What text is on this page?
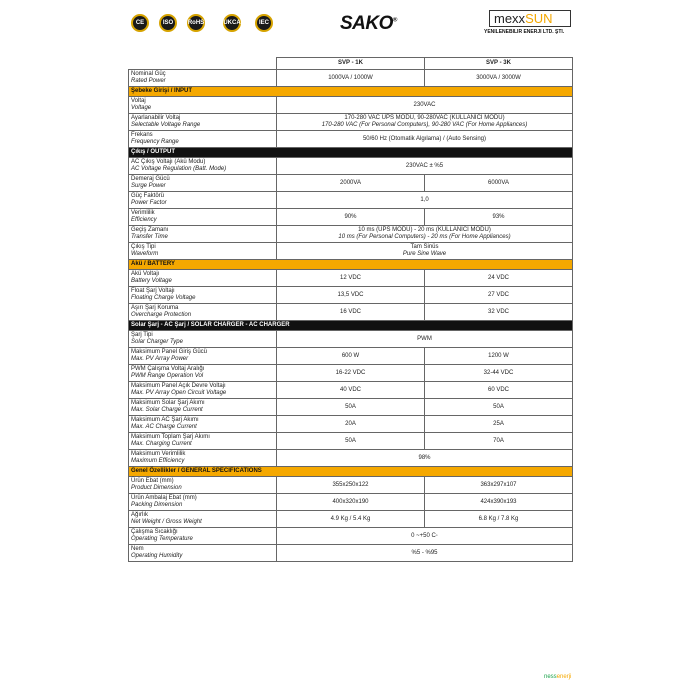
CE	ISO	RoHS	UKCA	IEC	SAKO®	mexx SUN
YENILENEBILIR ENERJI LTD. ŞTI.
	SVP - 1K	SVP - 3K
Nominal Güç
Rated Power	1000VA / 1000W	3000VA / 3000W
Şebeke Girişi / INPUT		
Voltaj
Voltage	230VAC	
Ayarlanabilir Voltaj
Selectable Voltage Range	170-280 VAC UPS MODU, 90-280VAC (KULLANICI MODU)
170-280 VAC (For Personal Computers), 90-280 VAC (For Home Appliances)	

Frekans
Frequency Range	50/60 Hz (Otomatik Algılama) / (Auto Sensing)	
Çıkış / OUTPUT		
AC Çıkış Voltajı (Akü Modu)
AC Voltage Regulation (Batt. Mode)	230VAC ± %5	
Demeraj Gücü
Surge Power	2000VA	6000VA
Güç Faktörü
Power Factor	1,0	
Verimlilik
Efficiency	90%	93%
Geçiş Zamanı
Transfer Time	10 ms (UPS MODU) - 20 ms (KULLANICI MODU)
10 ms (For Personal Computers) - 20 ms (For Home Appliances)	

Çıkış Tipi
Waveform	Tam Sinüs
Pure Sine Wave	

Akü / BATTERY		
Akü Voltajı
Battery Voltage	12 VDC	24 VDC
Float Şarj Voltajı
Floating Charge Voltage	13,5 VDC	27 VDC
Aşırı Şarj Koruma
Overcharge Protection	16 VDC	32 VDC
Solar Şarj - AC Şarj / SOLAR CHARGER - AC CHARGER		
Şarj Tipi
Solar Charger Type	PWM	
Maksimum Panel Giriş Gücü
Max. PV Array Power	600 W	1200 W
PWM Çalışma Voltaj Aralığı
PWM Range Operation Vol	16-22 VDC	32-44 VDC
Maksimum Panel Açık Devre Voltajı
Max. PV Array Open Circuit Voltage	40 VDC	60 VDC
Maksimum Solar Şarj Akımı
Max. Solar Charge Current	50A	50A
Maksimum AC Şarj Akımı
Max. AC Charge Current	20A	25A
Maksimum Toplam Şarj Akımı
Max. Charging Current	50A	70A
Maksimum Verimlilik
Maximum Efficiency	98%	
Genel Özellikler / GENERAL SPECIFICATIONS		
Ürün Ebat (mm)
Product Dimension	355x250x122	363x297x107
Ürün Ambalaj Ebat (mm)
Packing Dimension	400x320x190	424x390x193
Ağırlık
Net Weight / Gross Weight	4.9 Kg / 5.4 Kg	6.8 Kg / 7.8 Kg
Çalışma Sıcaklığı
Operating Temperature	0 ~+50 C◦	
Nem
Operating Humidity	%5 - %95	
nessenerji
